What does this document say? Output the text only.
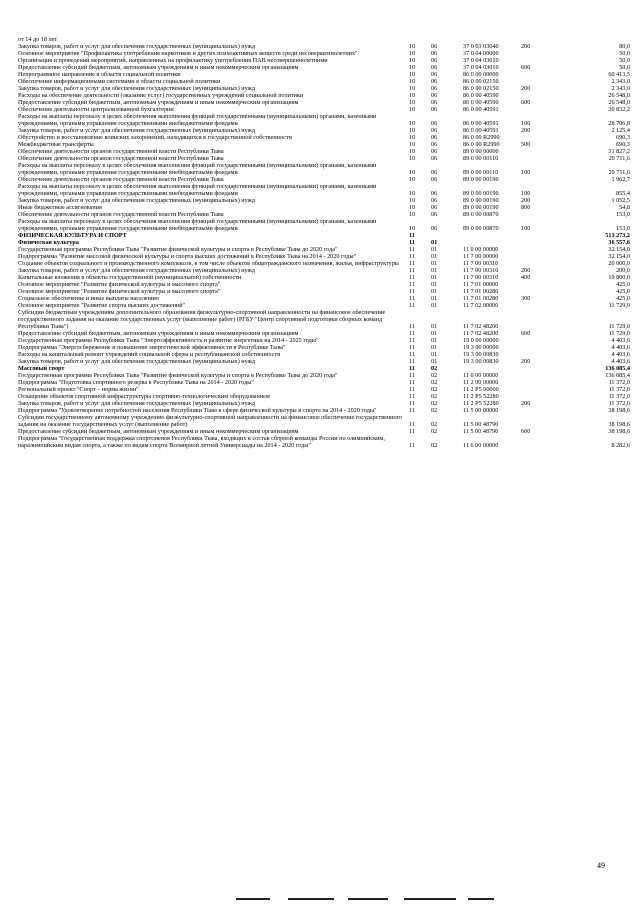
от 14 до 18 лет					
Закупка товаров, работ и услуг для обеспечения государственных (муниципальных) нужд	10	06	37 0 03 03040	200	80,0
Основное мероприятие "Профилактика употребления наркотиков и других психоактивных веществ среди несовершеннолетних"	10	06	37 0 04 00000		50,0
Организация и проведений мероприятий, направленных на профилактику употребления ПАВ несовершеннолетними	10	06	37 0 04 03010		50,0
Предоставление субсидий бюджетным, автономным учреждениям и иным некоммерческим организациям	10	06	37 0 04 03010	600	50,0
Непрограммное направление в области социальной политики	10	06	86 0 00 00000		60 413,5
Обеспечение информационными системами в области социальной политики	10	06	86 0 00 02150		2 343,0
Закупка товаров, работ и услуг для обеспечения государственных (муниципальных) нужд	10	06	86 0 00 02150	200	2 343,0
Расходы на обеспечение деятельности (оказание услуг) государственных учреждений социальной политики	10	06	86 0 00 40590		26 548,0
Предоставление субсидий бюджетным, автономным учреждениям и иным некоммерческим организациям	10	06	86 0 00 40590	600	26 548,0
Обеспечение деятельности централизованной бухгалтерии	10	06	86 0 00 40591		30 832,2
Расходы на выплаты персоналу в целях обеспечения выполнения функций государственными (муниципальными) органами, казенными учреждениями, органами управления государственными внебюджетными фондами	10	06	86 0 00 40591	100	28 706,8
Закупка товаров, работ и услуг для обеспечения государственных (муниципальных) нужд	10	06	86 0 00 40591	200	2 125,4
Обустройство и восстановление воинских захоронений, находящихся в государственной собственности	10	06	86 0 00 R2990		690,3
Межбюджетные трансферты	10	06	86 0 00 R2990	500	690,3
Обеспечение деятельности органов государственной власти Республики Тыва	10	06	89 0 00 00000		31 827,2
Обеспечение деятельности органов государственной власти Республики Тыва	10	06	89 0 00 00110		29 711,6
Расходы на выплаты персоналу в целях обеспечения выполнения функций государственными (муниципальными) органами, казенными учреждениями, органами управления государственными внебюджетными фондами	10	06	89 0 00 00110	100	29 711,6
Обеспечение деятельности органов государственной власти Республики Тыва	10	06	89 0 00 00190		1 962,7
Расходы на выплаты персоналу в целях обеспечения выполнения функций государственными (муниципальными) органами, казенными учреждениями, органами управления государственными внебюджетными фондами	10	06	89 0 00 00190	100	855,4
Закупка товаров, работ и услуг для обеспечения государственных (муниципальных) нужд	10	06	89 0 00 00190	200	1 052,5
Иные бюджетные ассигнования	10	06	89 0 00 00190	800	54,8
Обеспечение деятельности органов государственной власти Республики Тыва	10	06	89 0 00 00870		153,0
Расходы на выплаты персоналу в целях обеспечения выполнения функций государственными (муниципальными) органами, казенными учреждениями, органами управления государственными внебюджетными фондами	10	06	89 0 00 00870	100	153,0
ФИЗИЧЕСКАЯ КУЛЬТУРА И СПОРТ	11				513 273,2
Физическая культура	11	01			36 557,6
Государственная программа Республики Тыва "Развитие физической культуры и спорта в Республике Тыва до 2020 года"	11	01	11 0 00 00000		32 154,0
Подпрограмма "Развитие массовой физической культуры и спорта высших достижений в Республике Тыва на 2014 - 2020 годы"	11	01	11 7 00 00000		32 154,0
Создание объектов социального и производственного комплексов, в том числе объектов общегражданского назначения, жилья, инфраструктуры	11	01	11 7 00 00310		20 000,0
Закупка товаров, работ и услуг для обеспечения государственных (муниципальных) нужд	11	01	11 7 00 00310	200	200,0
Капитальные вложения в объекты государственной (муниципальной) собственности	11	01	11 7 00 00310	400	19 800,0
Основное мероприятие "Развитие физической культуры и массового спорта"	11	01	11 7 01 00000		425,0
Основное мероприятие "Развитие физической культуры и массового спорта"	11	01	11 7 01 00280		425,0
Социальное обеспечение и иные выплаты населению	11	01	11 7 01 00280	300	425,0
Основное мероприятие "Развитие спорта высших достижений"	11	01	11 7 02 00000		11 729,0
Субсидии бюджетным учреждениям дополнительного образования физкультурно-спортивной направленности на финансовое обеспечение государственного задания на оказание государственных услуг (выполнение работ) (РГБУ "Центр спортивной подготовки сборных команд Республики Тыва")	11	01	11 7 02 48200		11 729,0
Предоставление субсидий бюджетным, автономным учреждениям и иным некоммерческим организациям	11	01	11 7 02 48200	600	11 729,0
Государственная программа Республики Тыва "Энергоэффективность и развитие энергетики на 2014 - 2025 годы"	11	01	19 0 00 00000		4 403,6
Подпрограмма "Энергосбережение и повышение энергетической эффективности в Республике Тыва"	11	01	19 3 00 00000		4 403,6
Расходы на капитальный ремонт учреждений социальной сферы и республиканской собственности	11	01	19 3 00 00830		4 403,6
Закупка товаров, работ и услуг для обеспечения государственных (муниципальных) нужд	11	01	19 3 00 00830	200	4 403,6
Массовый спорт	11	02			136 085,4
Государственная программа Республики Тыва "Развитие физической культуры и спорта в Республике Тыва до 2020 года"	11	02	11 0 00 00000		136 085,4
Подпрограмма "Подготовка спортивного резерва в Республике Тыва на 2014 - 2020 годы"	11	02	11 2 00 00000		11 372,0
Региональный проект "Спорт – норма жизни"	11	02	11 2 P5 00000		11 372,0
Оснащение объектов спортивной инфраструктуры спортивно-технологическим оборудованием	11	02	11 2 P5 52280		11 372,0
Закупка товаров, работ и услуг для обеспечения государственных (муниципальных) нужд	11	02	11 2 P5 52280	200	11 372,0
Подпрограмма "Удовлетворение потребностей населения Республики Тыва в сфере физической культуры и спорта на 2014 - 2020 годы"	11	02	11 5 00 00000		38 198,6
Субсидии государственному автономному учреждению физкультурно-спортивной направленности на финансовое обеспечение государственного задания на оказание государственных услуг (выполнение работ)	11	02	11 5 00 48790		38 198,6
Предоставление субсидий бюджетным, автономным учреждениям и иным некоммерческим организациям	11	02	11 5 00 48790	600	38 198,6
Подпрограмма "Государственная поддержка спортсменов Республики Тыва, входящих в состав сборной команды России по олимпийским, паралимпийским видам спорта, а также по видам спорта Всемирной летней Универсиады на 2014 - 2020 годы"	11	02	11 6 00 00000		8 282,6
49
